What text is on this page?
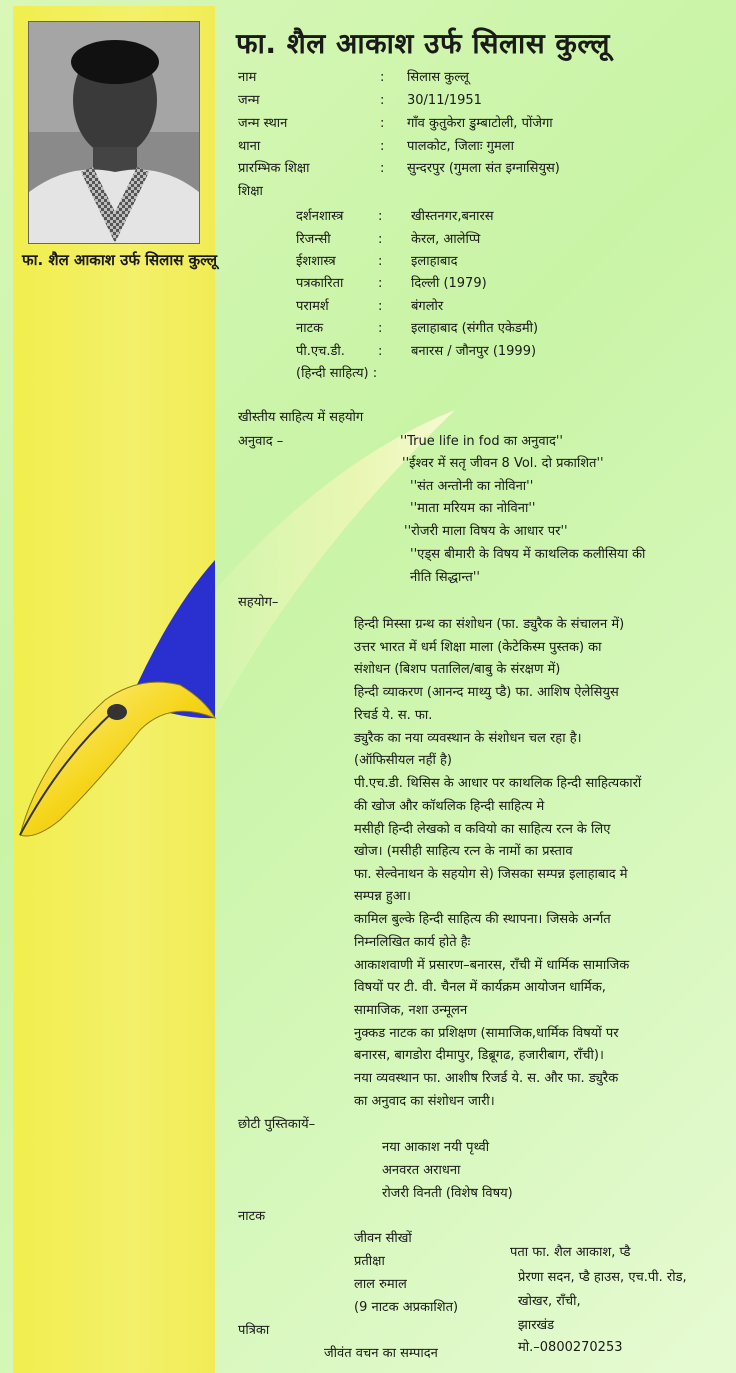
फा. शैल आकाश उर्फ सिलास कुल्लू
फा. शैल आकाश उर्फ सिलास कुल्लू
नाम	: सिलास कुल्लू
जन्म	: 30/11/1951
जन्म स्थान	: गाँव कुतुकेरा डुम्बाटोली, पोंजेगा
थाना	: पालकोट, जिलाः गुमला
प्रारम्भिक शिक्षा	: सुन्दरपुर (गुमला संत इग्नासियुस)
शिक्षा
दर्शनशास्त्र	: खीस्तनगर,बनारस
रिजन्सी	: केरल, आलेप्पि
ईशशास्त्र	: इलाहाबाद
पत्रकारिता	: दिल्ली (1979)
परामर्श	: बंगलोर
नाटक	: इलाहाबाद (संगीत एकेडमी)
पी.एच.डी.	: बनारस / जौनपुर (1999)
(हिन्दी साहित्य) :
खीस्तीय साहित्य में सहयोग
अनुवाद –	''True life in fod का अनुवाद''
''ईश्वर में सतृ जीवन 8 Vol. दो प्रकाशित''
''संत अन्तोनी का नोविना''
''माता मरियम का नोविना''
''रोजरी माला विषय के आधार पर''
''एड्स बीमारी के विषय में काथलिक कलीसिया की
नीति सिद्धान्त''
सहयोग–
हिन्दी मिस्सा ग्रन्थ का संशोधन (फा. ड्युरैक के संचालन में)
उत्तर भारत में धर्म शिक्षा माला (केटेकिस्म पुस्तक) का
संशोधन (बिशप पतालिल/बाबु के संरक्षण में)
हिन्दी व्याकरण (आनन्द माथ्यु प्डै) फा. आशिष ऐलेसियुस
रिचर्ड ये. स. फा.
ड्युरैक का नया व्यवस्थान के संशोधन चल रहा है।
(ऑफिसीयल नहीं है)
पी.एच.डी. थिसिस के आधार पर काथलिक हिन्दी साहित्यकारों
की खोज और कॉथलिक हिन्दी साहित्य मे
मसीही हिन्दी लेखको व कवियो का साहित्य रत्न के लिए
खोज। (मसीही साहित्य रत्न के नामों का प्रस्ताव
फा. सेल्वेनाथन के सहयोग से) जिसका सम्पन्न इलाहाबाद मे
सम्पन्न हुआ।
कामिल बुल्के हिन्दी साहित्य की स्थापना। जिसके अर्न्गत
निम्नलिखित कार्य होते हैः
आकाशवाणी में प्रसारण–बनारस, राँची में धार्मिक सामाजिक
विषयों पर टी. वी. चैनल में कार्यक्रम आयोजन धार्मिक,
सामाजिक, नशा उन्मूलन
नुक्कड नाटक का प्रशिक्षण (सामाजिक,धार्मिक विषयों पर
बनारस, बागडोरा दीमापुर, डिब्रूगढ, हजारीबाग, राँची)।
नया व्यवस्थान फा. आशीष रिजर्ड ये. स. और फा. ड्युरैक
का अनुवाद का संशोधन जारी।
छोटी पुस्तिकायें–
नया आकाश नयी पृथ्वी
अनवरत अराधना
रोजरी विनती (विशेष विषय)
नाटक
जीवन सीखों
प्रतीक्षा
लाल रुमाल
(9 नाटक अप्रकाशित)
पत्रिका
जीवंत वचन का सम्पादन
पता फा. शैल आकाश, प्डै
प्रेरणा सदन, प्डै हाउस, एच.पी. रोड,
खोखर, राँची,
झारखंड
मो.–0800270253
